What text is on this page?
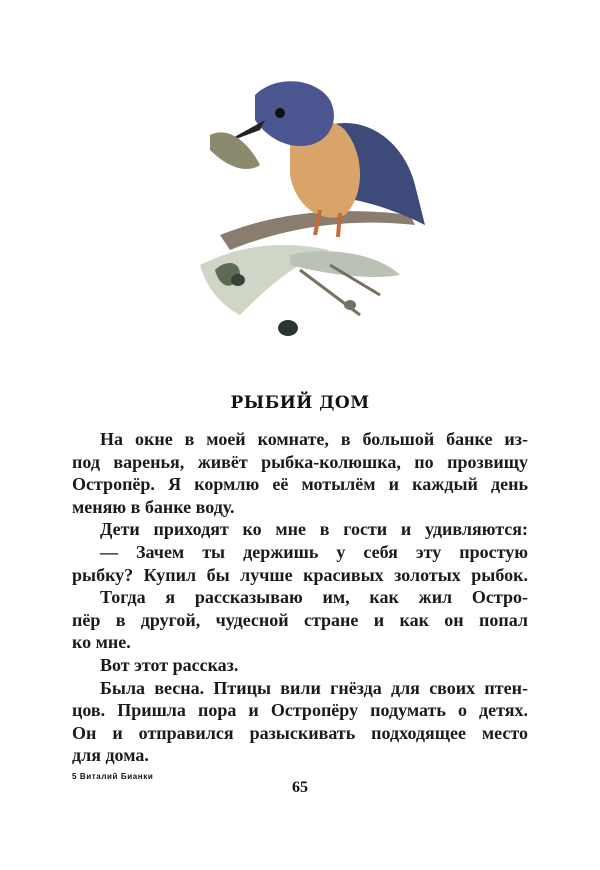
РЫБИЙ ДОМ
На окне в моей комнате, в большой банке из-
под варенья, живёт рыбка-колюшка, по прозвищу
Остропёр. Я кормлю её мотылём и каждый день
меняю в банке воду.
Дети приходят ко мне в гости и удивляются:
— Зачем ты держишь у себя эту простую
рыбку? Купил бы лучше красивых золотых рыбок.
Тогда я рассказываю им, как жил Остро-
пёр в другой, чудесной стране и как он попал
ко мне.
Вот этот рассказ.
Была весна. Птицы вили гнёзда для своих птен-
цов. Пришла пора и Остропёру подумать о детях.
Он и отправился разыскивать подходящее место
для дома.
5 Виталий Бианки
65
